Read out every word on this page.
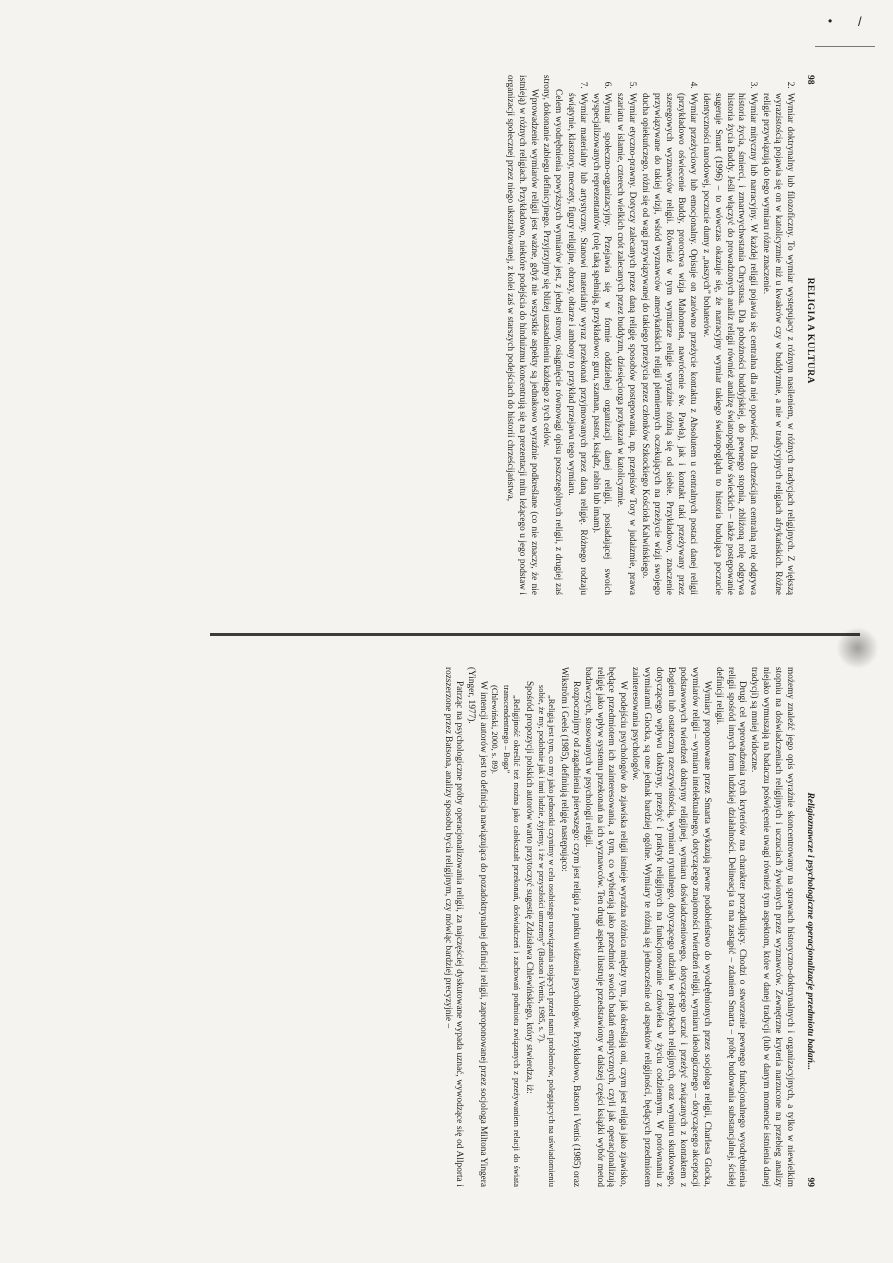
• /
98
RELIGIA A KULTURA
2. Wymiar doktrynalny lub filozoficzny. To wymiar wystepujacy z różnym nasileniem, w różnych tradycjach religijnych. Z większą wyrazistością pojawia się on w katolicyzmie niż u kwakrów czy w buddyzmie, a nie w tradycyjnych religiach afrykańskich. Różne religie przywiązują do tego wymiaru różne znaczenie.
3. Wymiar mityczny lub narracyjny. W każdej religii pojawia się centralna dla niej opowieść. Dla chrześcijan centralną rolę odgrywa historia życia, śmierci, i zmartwychwstania Chrystusa. Dla pobożności buddyjskiej, do pewnego stopnia, zbliżoną rolę odgrywa historia życia Buddy. Jeśli włączyć do prowadzonych analiz religii również analizę światopoglądów świeckich – także postępowanie sugeruje Smart (1996) – to wówczas okazuje się, że narracyjny wymiar takiego światopoglądu to historia budująca poczucie identyczności narodowej, poczucie dumy z „naszych” bohaterów.
4. Wymiar przeżyciowy lub emocjonalny. Opisuje on zarówno przeżycie kontaktu z Absolutem u centralnych postaci danej religii (przykładowo oświecenie Buddy, proroctwa wizja Mahometa, nawrócenie św. Pawła), jak i kontakt taki przeżywany przez szeregowych wyznawców religii. Również w tym wymiarze religie wyraźnie różnią się od siebie. Przykładowo, znaczenie przywiązywane do takiej wizji, wśród wyznawców amerykańskich religii plemiennych oczekujących na przeżycie wizji swojego ducha opiekuńczego, różni się od wagi przywiązywanej do takiego przeżycia przez członków Szkockiego Kościoła Kalwińskiego.
5. Wymiar etyczno-prawny. Dotyczy zalecanych przez daną religię sposobów postępowania, np. przepisów Tory w judaizmie, prawa szariatu w islamie, czterech wielkich cnót zalecanych przez buddyzm, dziesięciorga przykazań w katolicyzmie.
6. Wymiar społeczno-organizacyjny. Przejawia się w formie oddzielnej organizacji danej religii, posiadającej swoich wyspecjalizowanych reprezentantów (rolę taką spełniają, przykładowo: guru, szaman, pastor, ksiądz, rabin lub imam).
7. Wymiar materialny lub artystyczny. Stanowi materialny wyraz przekonań przyjmowanych przez daną religię. Różnego rodzaju świątynie, klasztory, meczety, figury religijne, obrazy, ołtarze i ambony to przykład przejawu tego wymiaru.

Celem wyodrębnienia powyższych wymiarów jest, z jednej strony, osiągnięcie równowagi opisu poszczególnych religii, z drugiej zaś strony, dokonanie zabiegu definicyjnego. Przyjrzyjmy się bliżej uzasadnieniu każdego z tych celów.

Wprowadzenie wymiarów religii jest ważne, gdyż nie wszystkie aspekty są jednakowo wyraźnie podkreślane (co nie znaczy, że nie istnieją) w różnych religiach. Przykładowo, niektóre podejścia do hinduizmu koncentrują się na prezentacji mitu leżącego u jego podstaw i organizacji społecznej przez niego ukształtowanej, z kolei zaś w starszych podejściach do historii chrześcijaństwa,

Religioznawcze i psychologiczne operacjonalizacje przedmiotu badań...
99

możemy znaleźć jego opis wyraźnie skoncentrowany na sprawach historyczno-doktrynalnych i organizacyjnych, a tylko w niewielkim stopniu na doświadczeniach religijnych i uczuciach żywionych przez wyznawców. Zewnętrzne kryteria narzucone na przebieg analizy niejako wymuszają na badaczu poświęcenie uwagi również tym aspektom, które w danej tradycji (lub w danym momencie istnienia danej tradycji) są mniej widoczne.

Drugi cel wprowadzenia tych kryteriów ma charakter porządkujący. Chodzi o stworzenie pewnego funkcjonalnego wyodrębnienia religii spośród innych form ludzkiej działalności. Delineacja ta ma zastąpić – zdaniem Smarta – próbę budowania substancjalnej, ścisłej definicji religii.

Wymiary proponowane przez Smarta wykazują pewne podobieństwo do wyodrębnionych przez socjologa religii, Charlesa Glocka, wymiarów religii – wymiaru intelektualnego, dotyczącego znajomości twierdzeń religii, wymiaru ideologicznego – dotyczącego akceptacji podstawowych twierdzeń doktryny religijnej, wymiaru doświadczeniowego, dotyczącego uczuć i przeżyć związanych z kontaktem z Bogiem lub ostateczną rzeczywistością, wymiaru rytualnego, dotyczącego udziału w praktykach religijnych, oraz wymiaru skutkowego, dotyczącego wpływu doktryny, przeżyć i praktyk religijnych na funkcjonowanie człowieka w życiu codziennym. W porównaniu z wymiarami Glocka, są one jednak bardziej ogólne. Wymiary te różnią się jednocześnie od aspektów religijności, będących przedmiotem zainteresowania psychologów.

W podejściu psychologów do zjawiska religii istnieje wyraźna różnica między tym, jak określają oni, czym jest religia jako zjawisko, będące przedmiotem ich zainteresowania, a tym, co wybierają jako przedmiot swoich badań empirycznych, czyli jak operacjonalizują religię jako wpływ systemu przekonań na ich wyznawców. Ten drugi aspekt ilustruje przedstawiony w dalszej części książki wybór metod badawczych, stosowanych w psychologii religii.

Rozpocznijmy od zagadnienia pierwszego: czym jest religia z punktu widzenia psychologów. Przykładowo, Batson i Ventis (1985) oraz Wikström i Geels (1985), definiują religię następująco:

„Religią jest tym, co my jako jednostki czynimy w celu osobistego rozwiązania stojących przed nami problemów, polegających na uświadomieniu sobie, że my, podobnie jak i inni ludzie, żyjemy, i że w przyszłości umrzemy” (Batson i Ventis, 1985, s. 7).

Spośród propozycji polskich autorów warto przytoczyć sugestię Zdzisława Chlewińskiego, który stwierdza, iż:

„Religijność określić też można jako całokształt przekonań, doświadczeń i zachowań podmiotu związanych z przeżywaniem relacji do świata transcendentnego – Boga”

(Chlewiński, 2000, s. 89).

W intencji autorów jest to definicja nawiązująca do pozadoktrynalnej definicji religii, zaproponowanej przez socjologa Miltona Yingera (Yinger, 1977).

Patrząc na psychologiczne próby operacjonalizowania religii, za najczęściej dyskutowane wypada uznać, wywodzące się od Allporta i rozszerzone przez Batsona, analizy sposobu bycia religijnym, czy mówiąc bardziej precyzyjnie –
